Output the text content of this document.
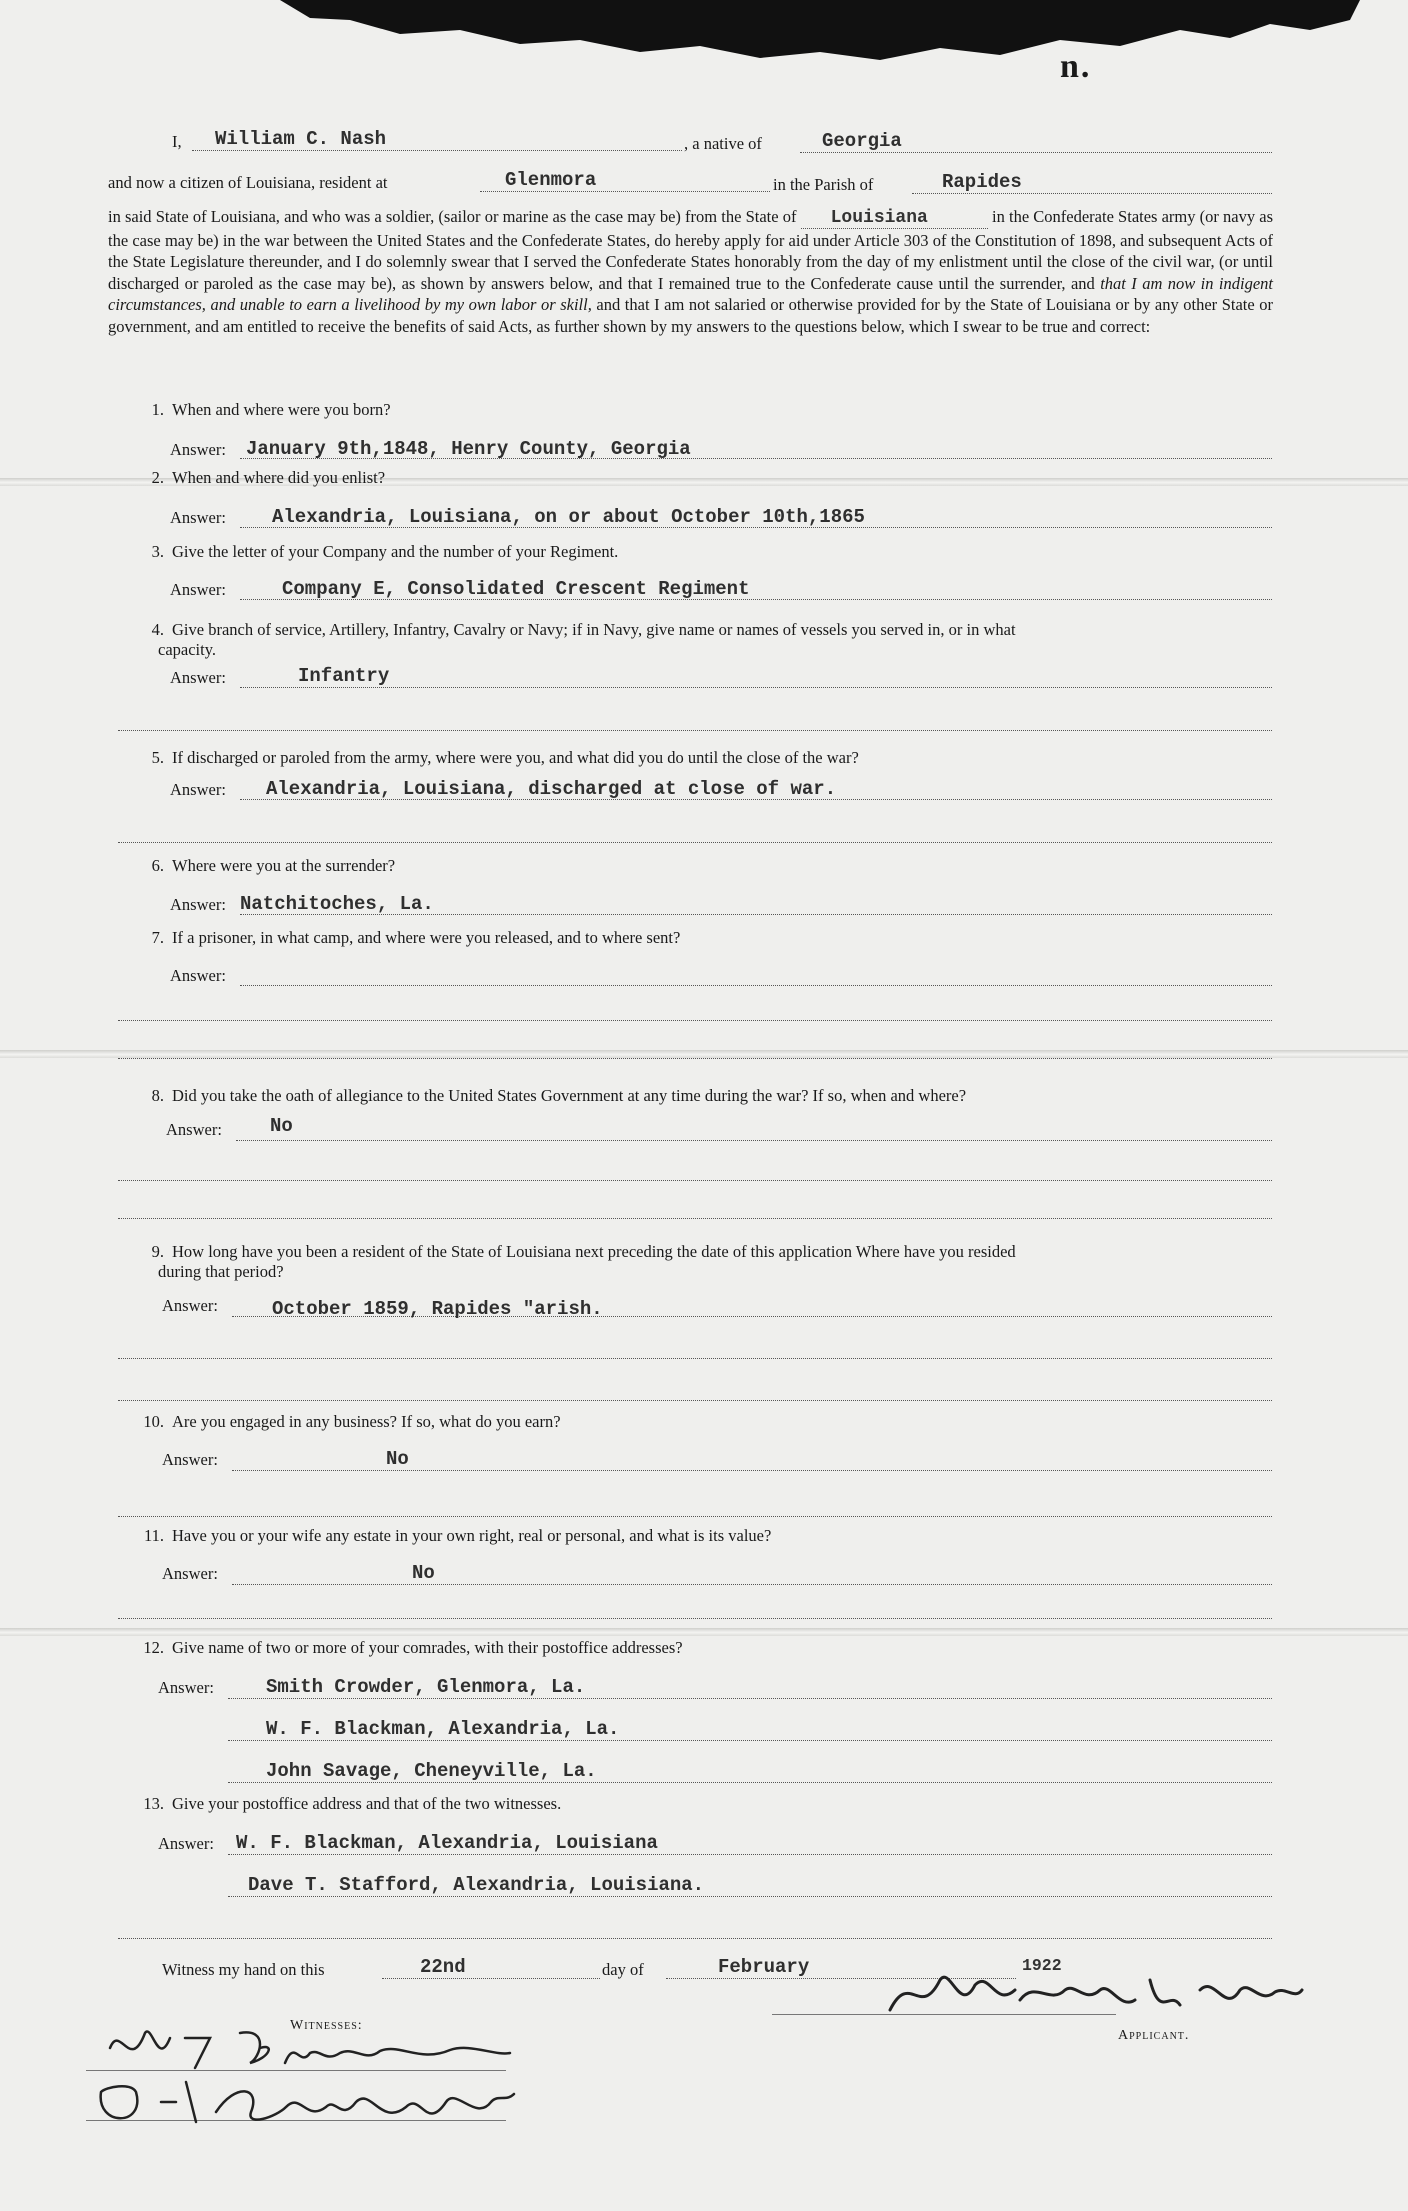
n.
I, William C. Nash	, a native of	Georgia
and now a citizen of Louisiana, resident at	Glenmora	in the Parish of	Rapides
in said State of Louisiana, and who was a soldier, (sailor or marine as the case may be) from the State of Louisiana	in the Confederate States army (or navy as the case may be) in the war between the United States and the Confederate States, do hereby apply for aid under Article 303 of the Constitution of 1898, and subsequent Acts of the State Legislature thereunder, and I do solemnly swear that I served the Confederate States honorably from the day of my enlistment until the close of the civil war, (or until discharged or paroled as the case may be), as shown by answers below, and that I remained true to the Confederate cause until the surrender, and that I am now in indigent circumstances, and unable to earn a livelihood by my own labor or skill, and that I am not salaried or otherwise provided for by the State of Louisiana or by any other State or government, and am entitled to receive the benefits of said Acts, as further shown by my answers to the questions below, which I swear to be true and correct:
1. When and where were you born?
Answer: January 9th,1848, Henry County, Georgia
2. When and where did you enlist?
Answer: Alexandria, Louisiana, on or about October 10th,1865
3. Give the letter of your Company and the number of your Regiment.
Answer:	Company E, Consolidated Crescent Regiment
4. Give branch of service, Artillery, Infantry, Cavalry or Navy; if in Navy, give name or names of vessels you served in, or in what
capacity.
Answer:	Infantry
5. If discharged or paroled from the army, where were you, and what did you do until the close of the war?
Answer: Alexandria, Louisiana, discharged at close of war.
6. Where were you at the surrender?
Answer: Natchitoches, La.
7. If a prisoner, in what camp, and where were you released, and to where sent?
Answer:
8. Did you take the oath of allegiance to the United States Government at any time during the war? If so, when and where?
Answer:	No
9. How long have you been a resident of the State of Louisiana next preceding the date of this application Where have you resided
during that period?
Answer:	October 1859, Rapides "arish.
10. Are you engaged in any business? If so, what do you earn?
Answer:	No
11. Have you or your wife any estate in your own right, real or personal, and what is its value?
Answer:	No
12. Give name of two or more of your comrades, with their postoffice addresses?
Answer:	Smith Crowder, Glenmora, La.
W. F. Blackman, Alexandria, La.
John Savage, Cheneyville, La.
13. Give your postoffice address and that of the two witnesses.
Answer: W. F. Blackman, Alexandria, Louisiana
Dave T. Stafford, Alexandria, Louisiana.
Witness my hand on this	22nd	day of	February	1922
Witnesses:
Applicant.
